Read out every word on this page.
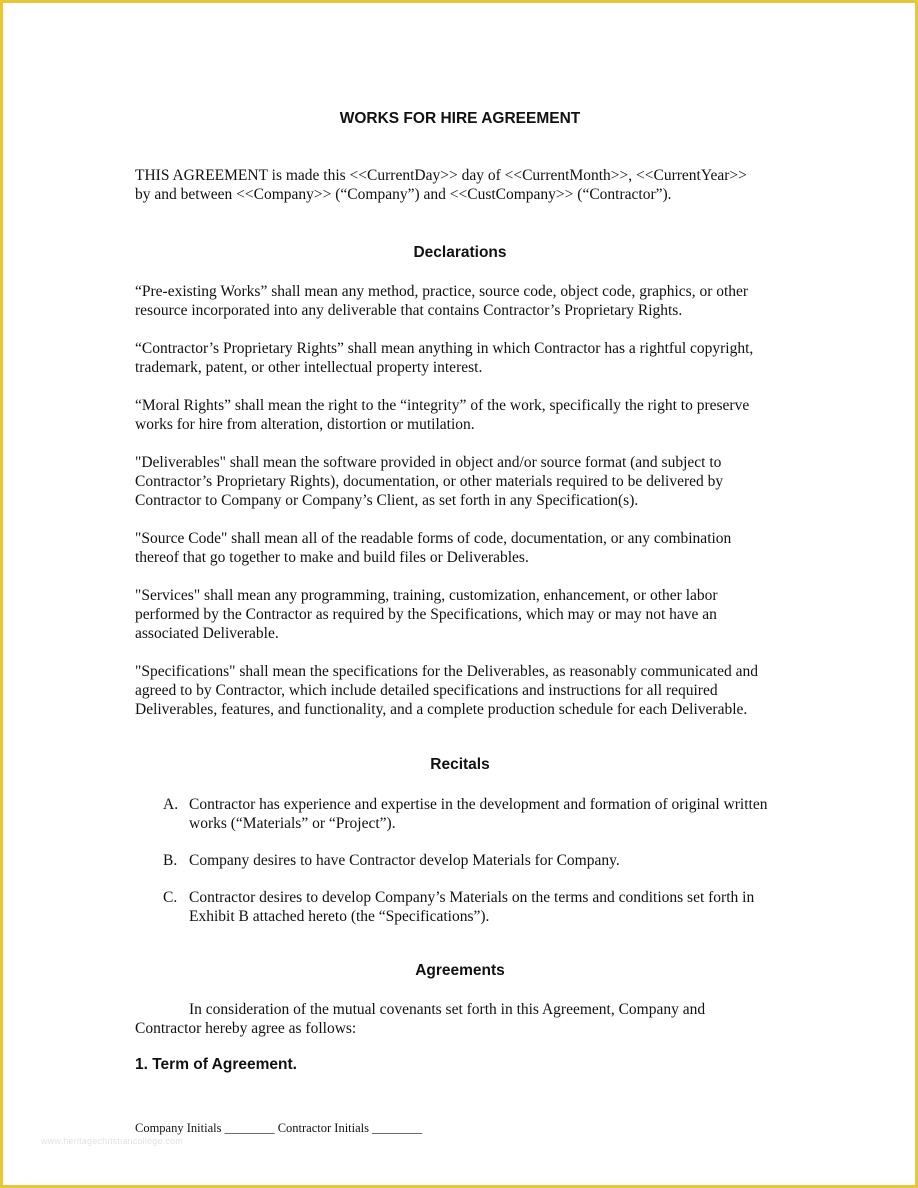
WORKS FOR HIRE AGREEMENT

THIS AGREEMENT is made this <<CurrentDay>> day of <<CurrentMonth>>, <<CurrentYear>> by and between <<Company>> (“Company”) and <<CustCompany>> (“Contractor”).

Declarations

“Pre-existing Works” shall mean any method, practice, source code, object code, graphics, or other resource incorporated into any deliverable that contains Contractor’s Proprietary Rights.

“Contractor’s Proprietary Rights” shall mean anything in which Contractor has a rightful copyright, trademark, patent, or other intellectual property interest.

“Moral Rights” shall mean the right to the “integrity” of the work, specifically the right to preserve works for hire from alteration, distortion or mutilation.

"Deliverables" shall mean the software provided in object and/or source format (and subject to Contractor’s Proprietary Rights), documentation, or other materials required to be delivered by Contractor to Company or Company’s Client, as set forth in any Specification(s).

"Source Code" shall mean all of the readable forms of code, documentation, or any combination thereof that go together to make and build files or Deliverables.

"Services" shall mean any programming, training, customization, enhancement, or other labor performed by the Contractor as required by the Specifications, which may or may not have an associated Deliverable.

"Specifications" shall mean the specifications for the Deliverables, as reasonably communicated and agreed to by Contractor, which include detailed specifications and instructions for all required Deliverables, features, and functionality, and a complete production schedule for each Deliverable.

Recitals
A. Contractor has experience and expertise in the development and formation of original written works (“Materials” or “Project”).
B. Company desires to have Contractor develop Materials for Company.
C. Contractor desires to develop Company’s Materials on the terms and conditions set forth in Exhibit B attached hereto (the “Specifications”).
Agreements

In consideration of the mutual covenants set forth in this Agreement, Company and Contractor hereby agree as follows:

1. Term of Agreement.

Company Initials ________ Contractor Initials ________

www.heritagechristiancollege.com
